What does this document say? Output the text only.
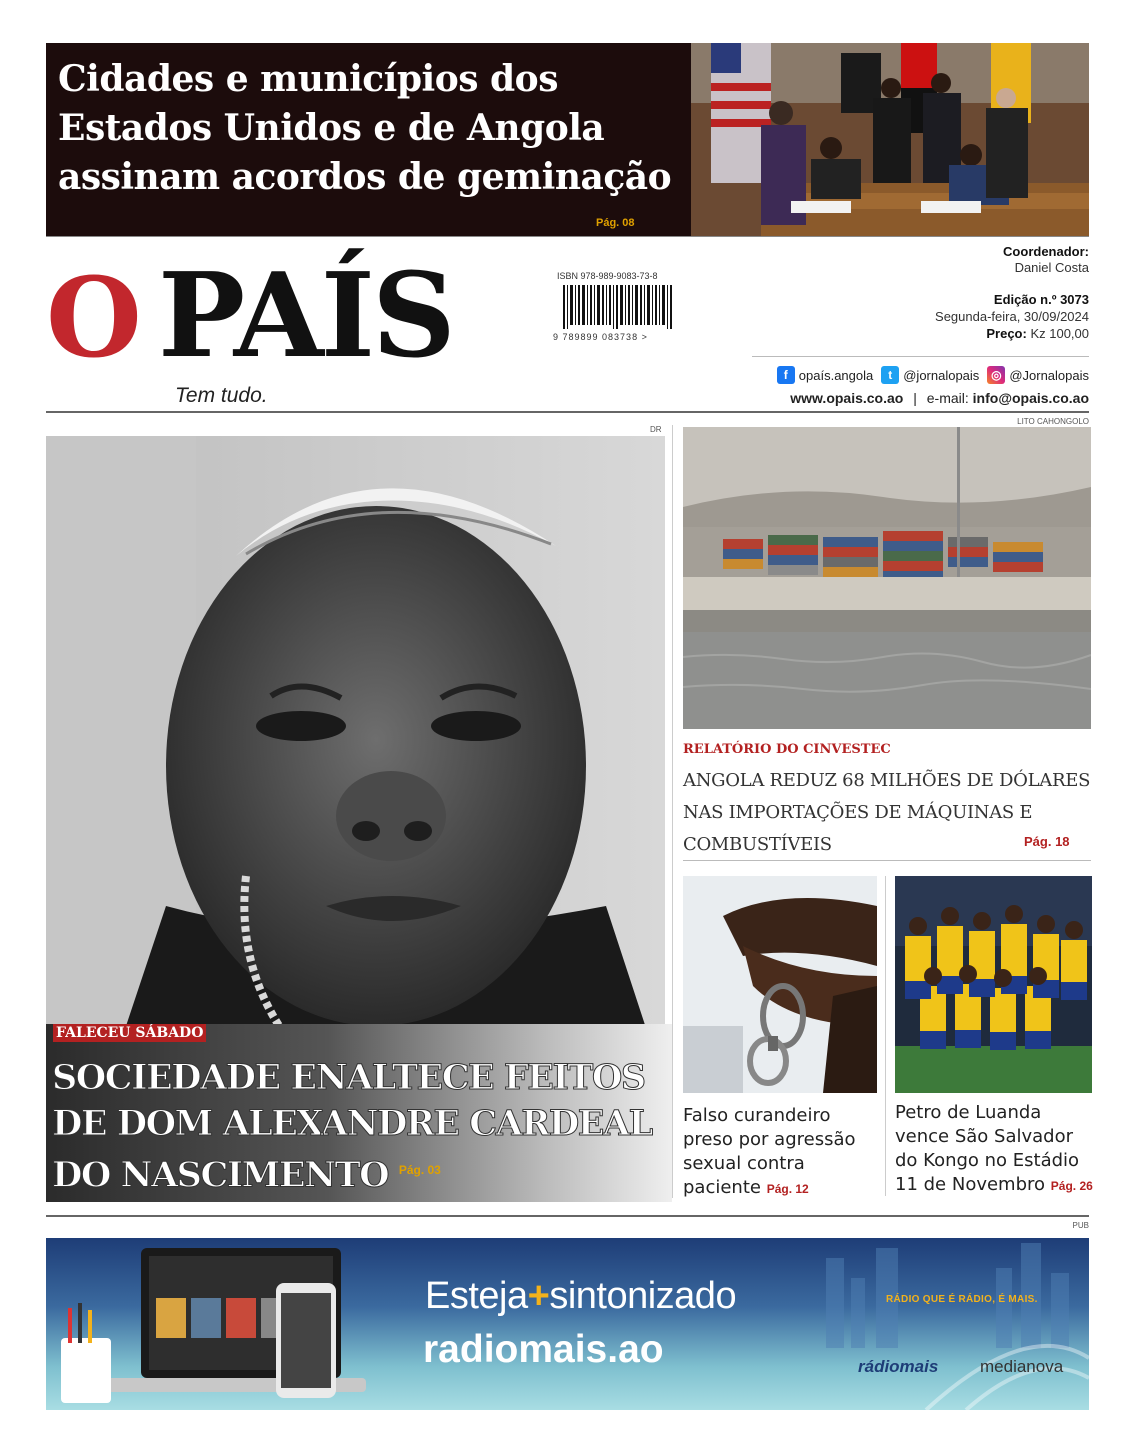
Cidades e municípios dos Estados Unidos e de Angola assinam acordos de geminação
Pág. 08
O PAÍS
Tem tudo.
ISBN 978-989-9083-73-8
9 789899 083738 >
Coordenador:
Daniel Costa
Edição n.º 3073
Segunda-feira, 30/09/2024
Preço: Kz 100,00
f opaís.angola	t @jornalopais ◎ @Jornalopais
www.opais.co.ao | e-mail: info@opais.co.ao
DR
FALECEU SÁBADO
SOCIEDADE ENALTECE FEITOS DE DOM ALEXANDRE CARDEAL DO NASCIMENTO $^{Pág. 03}$
LITO CAHONGOLO
RELATÓRIO DO CINVESTEC
ANGOLA REDUZ 68 MILHÕES DE DÓLARES NAS IMPORTAÇÕES DE MÁQUINAS E COMBUSTÍVEIS	Pág. 18
Falso curandeiro preso por agressão sexual contra paciente Pág. 12
Petro de Luanda vence São Salvador do Kongo no Estádio 11 de Novembro Pág. 26
PUB
Esteja+sintonizado
radiomais.ao
RÁDIO QUE É RÁDIO, É MAIS.
rádiomais medianova
